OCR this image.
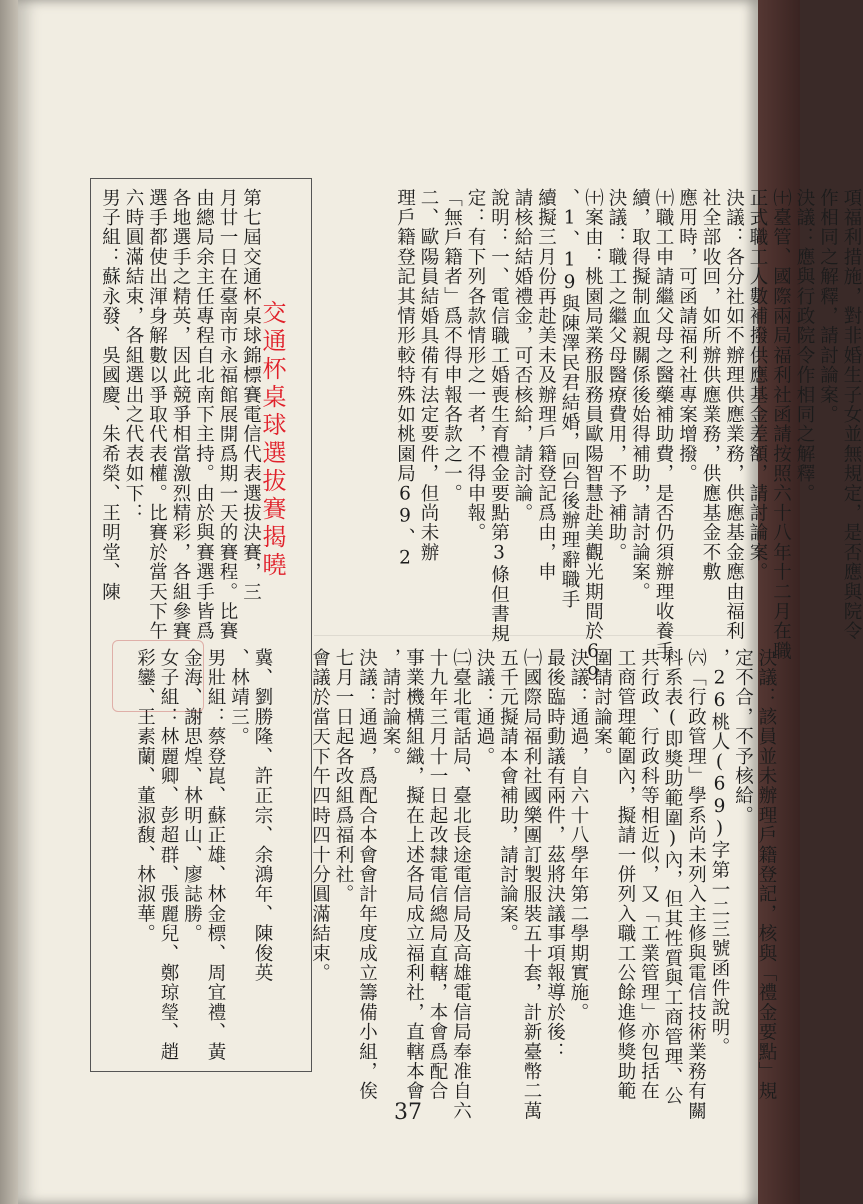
項福利措施，對非婚生子女並無規定，是否應與院令
作相同之解釋，請討論案。
決議：應與行政院令作相同之解釋。
㈩臺管、國際兩局福利社函請按照六十八年十二月在職
正式職工人數補撥供應基金差額，請討論案。
決議：各分社如不辦理供應業務，供應基金應由福利
社全部收回，如所辦供應業務，供應基金不敷
應用時，可函請福利社專案增撥。
㈩職工申請繼父母之醫藥補助費，是否仍須辦理收養手
續，取得擬制血親關係後始得補助，請討論案。
決議：職工之繼父母醫療費用，不予補助。
㈩案由：桃園局業務服務員歐陽智慧赴美觀光期間於69
、1、19與陳澤民君結婚，回台後辦理辭職手
續擬三月份再赴美未及辦理戶籍登記爲由，申
請核給結婚禮金，可否核給，請討論。
說明：一、電信職工婚喪生育禮金要點第3條但書規
定：有下列各款情形之一者，不得申報。
「無戶籍者」爲不得申報各款之一。
二、歐陽員結婚具備有法定要件，但尚未辦
理戶籍登記其情形較特殊如桃園局69、2
決議：該員並未辦理戶籍登記，核與「禮金要點」規
定不合，不予核給。
，26桃人(69)字第一二三號函件說明。
㈥「行政管理」學系尚未列入主修與電信技術業務有關
科系表(即獎助範圍)內，但其性質與工商管理、公
共行政、行政科等相近似，又「工業管理」亦包括在
工商管理範圍內，擬請一併列入職工公餘進修獎助範
圍請討論案。
決議：通過，自六十八學年第二學期實施。
最後臨時動議有兩件，茲將決議事項報導於後：
㈠國際局福利社國樂團訂製服裝五十套，計新臺幣二萬
五千元擬請本會補助，請討論案。
決議：通過。
㈡臺北電話局、臺北長途電信局及高雄電信局奉准自六
十九年三月十一日起改隸電信總局直轄，本會爲配合
事業機構組織，擬在上述各局成立福利社，直轄本會
，請討論案。
決議：通過，爲配合本會會計年度成立籌備小組，俟
七月一日起各改組爲福利社。
會議於當天下午四時四十分圓滿結束。
交通杯桌球選拔賽揭曉
第七屆交通杯桌球錦標賽電信代表選拔決賽，三
月廿一日在臺南市永福館展開爲期一天的賽程。比賽
由總局余主任專程自北南下主持。由於與賽選手皆爲
各地選手之精英，因此競爭相當激烈精彩，各組參賽
選手都使出渾身解數以爭取代表權。比賽於當天下午
六時圓滿結束，各組選出之代表如下：
男子組：蘇永發、吳國慶、朱希榮、王明堂、陳
冀、劉勝隆、許正宗、余鴻年、陳俊英
、林靖三。
男壯組：蔡登崑、蘇正雄、林金標、周宜禮、黃
金海、謝思煌、林明山、廖誌勝。
女子組：林麗卿、彭超群、張麗兒、鄭琼瑩、趙
彩鑾、王素蘭、董淑馥、林淑華。
37
